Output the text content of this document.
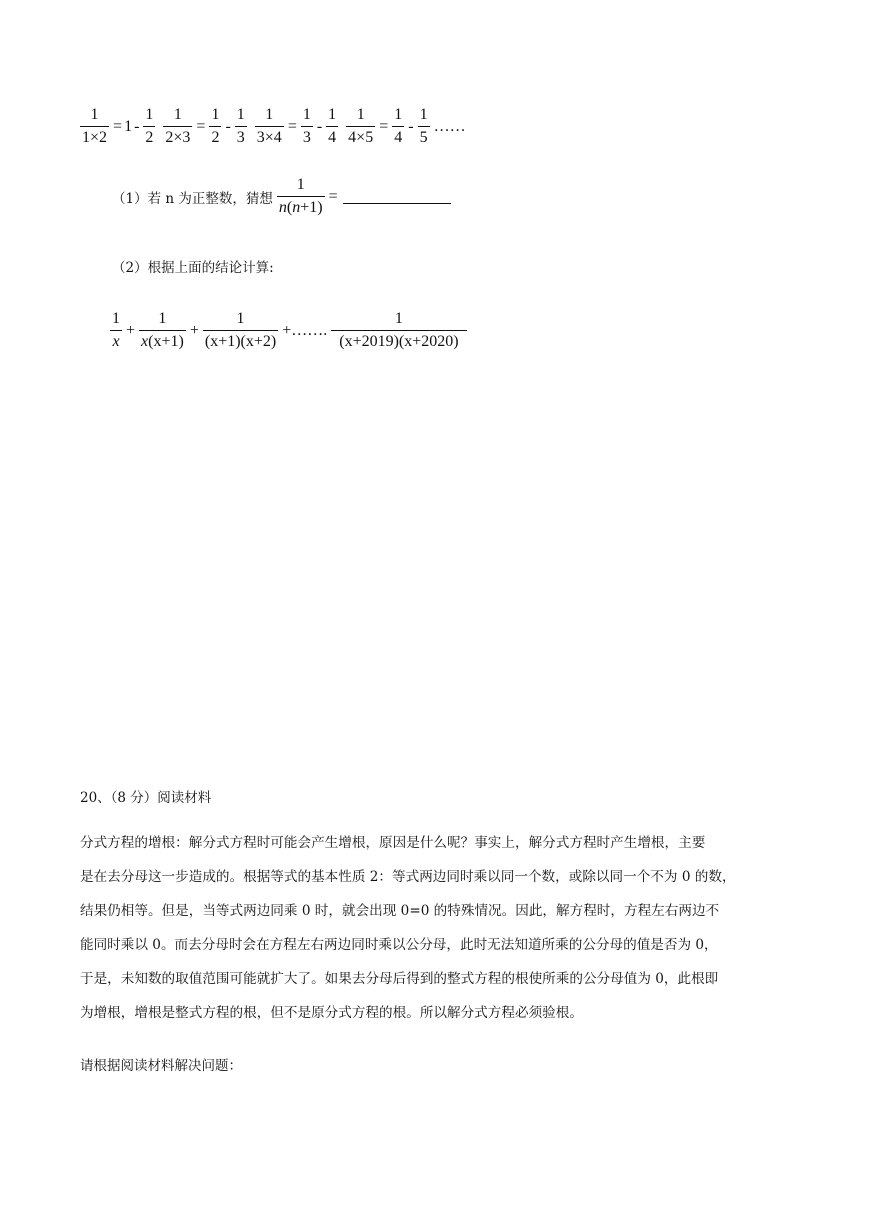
$\frac{1}{1\times 2} = 1 - \frac{1}{2} \frac{1}{2\times 3} = \frac{1}{2} - \frac{1}{3} \frac{1}{3\times 4} = \frac{1}{3} - \frac{1}{4} \frac{1}{4\times 5} = \frac{1}{4} - \frac{1}{5}$ ……
（1）若 n 为正整数，猜想 $\frac{1}{n(n+1)}$ =
（2）根据上面的结论计算:
$\frac{1}{x} + \frac{1}{x(x+1)} + \frac{1}{(x+1)(x+2)}$ +……. $\frac{1}{(x+2019)(x+2020)}$
20、（8 分）阅读材料

分式方程的增根：解分式方程时可能会产生增根，原因是什么呢？事实上，解分式方程时产生增根，主要

是在去分母这一步造成的。根据等式的基本性质 2：等式两边同时乘以同一个数，或除以同一个不为 0 的数，

结果仍相等。但是，当等式两边同乘 0 时，就会出现 0=0 的特殊情况。因此，解方程时，方程左右两边不

能同时乘以 0。而去分母时会在方程左右两边同时乘以公分母，此时无法知道所乘的公分母的值是否为 0，

于是，未知数的取值范围可能就扩大了。如果去分母后得到的整式方程的根使所乘的公分母值为 0，此根即

为增根，增根是整式方程的根，但不是原分式方程的根。所以解分式方程必须验根。

请根据阅读材料解决问题：
